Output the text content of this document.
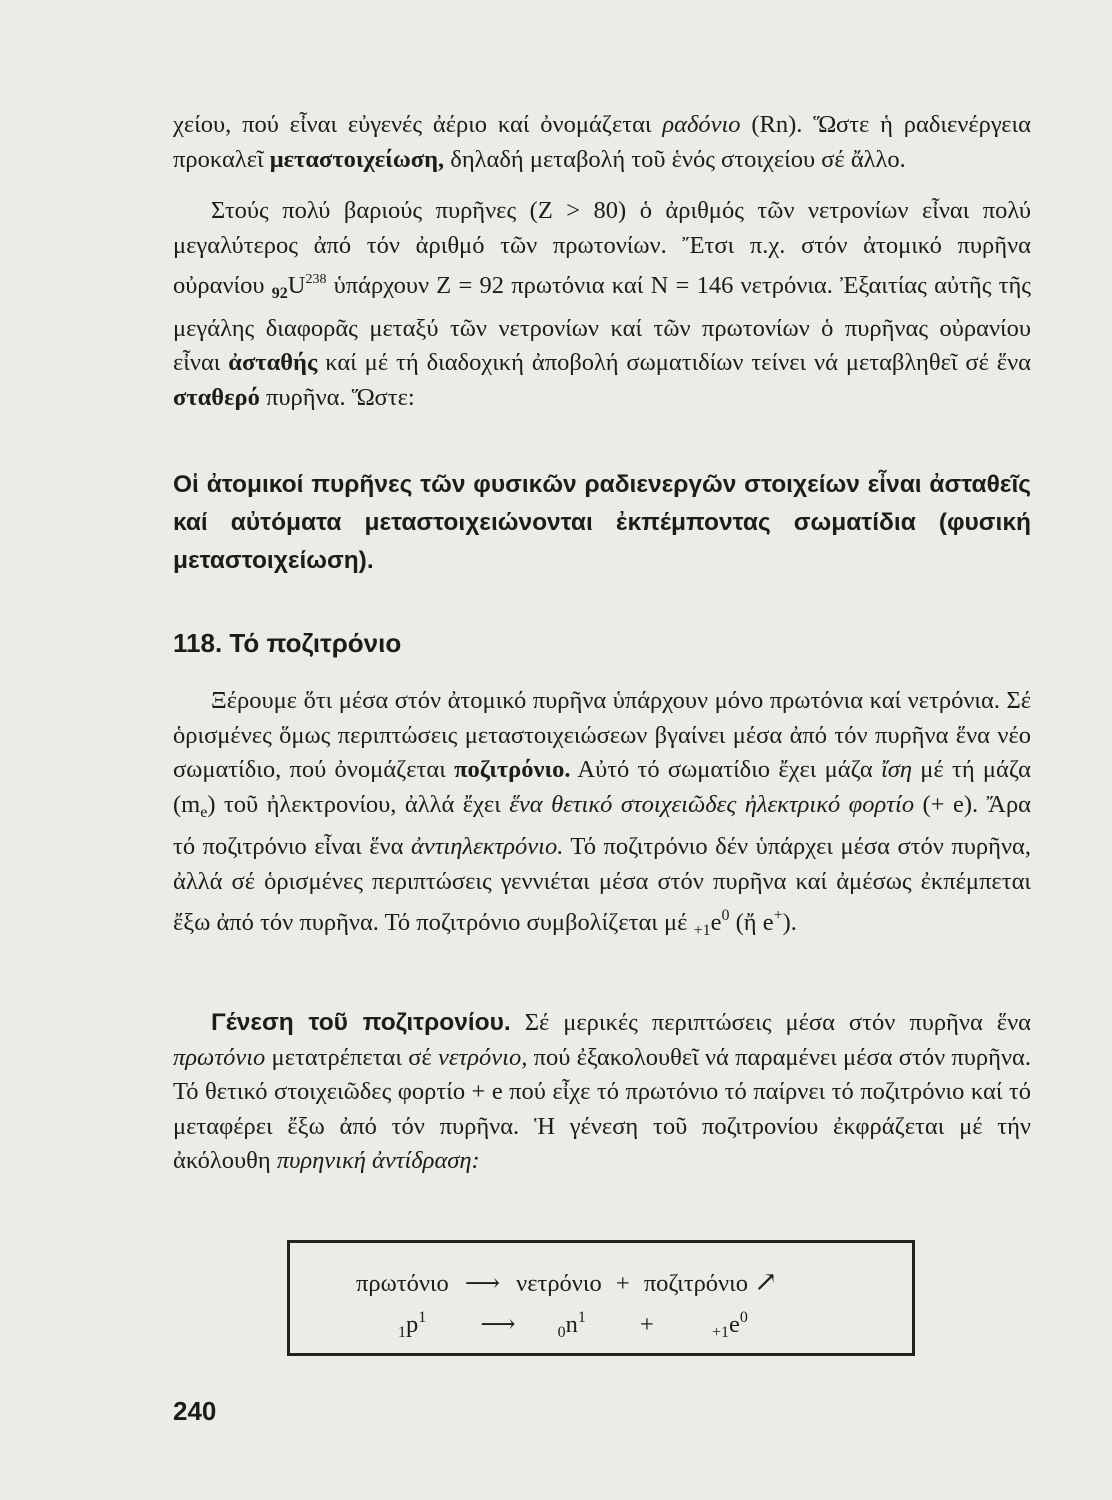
χείου, πού εἶναι εὐγενές ἀέριο καί ὀνομάζεται ραδόνιο (Rn). Ὥστε ἡ ραδιενέργεια προκαλεῖ μεταστοιχείωση, δηλαδή μεταβολή τοῦ ἑνός στοιχείου σέ ἄλλο.

Στούς πολύ βαριούς πυρῆνες (Z > 80) ὁ ἀριθμός τῶν νετρονίων εἶναι πολύ μεγαλύτερος ἀπό τόν ἀριθμό τῶν πρωτονίων. Ἔτσι π.χ. στόν ἀτομικό πυρῆνα οὐρανίου $_{92}U^{238}$ ὑπάρχουν Z = 92 πρωτόνια καί N = 146 νετρόνια. Ἐξαιτίας αὐτῆς τῆς μεγάλης διαφορᾶς μεταξύ τῶν νετρονίων καί τῶν πρωτονίων ὁ πυρῆνας οὐρανίου εἶναι ἀσταθής καί μέ τή διαδοχική ἀποβολή σωματιδίων τείνει νά μεταβληθεῖ σέ ἕνα σταθερό πυρῆνα. Ὥστε:

Οἱ ἀτομικοί πυρῆνες τῶν φυσικῶν ραδιενεργῶν στοιχείων εἶναι ἀσταθεῖς καί αὐτόματα μεταστοιχειώνονται ἐκπέμποντας σωματίδια (φυσική μεταστοιχείωση).
118. Τό ποζιτρόνιο

Ξέρουμε ὅτι μέσα στόν ἀτομικό πυρῆνα ὑπάρχουν μόνο πρωτόνια καί νετρόνια. Σέ ὁρισμένες ὅμως περιπτώσεις μεταστοιχειώσεων βγαίνει μέσα ἀπό τόν πυρῆνα ἕνα νέο σωματίδιο, πού ὀνομάζεται ποζιτρόνιο. Αὐτό τό σωματίδιο ἔχει μάζα ἴση μέ τή μάζα $(m_e)$ τοῦ ἠλεκτρονίου, ἀλλά ἔχει ἕνα θετικό στοιχειῶδες ἠλεκτρικό φορτίο (+ e). Ἄρα τό ποζιτρόνιο εἶναι ἕνα ἀντιηλεκτρόνιο. Τό ποζιτρόνιο δέν ὑπάρχει μέσα στόν πυρῆνα, ἀλλά σέ ὁρισμένες περιπτώσεις γεννιέται μέσα στόν πυρῆνα καί ἀμέσως ἐκπέμπεται ἔξω ἀπό τόν πυρῆνα. Τό ποζιτρόνιο συμβολίζεται μέ $_{+1}e^0$ (ἤ e+).

Γένεση τοῦ ποζιτρονίου. Σέ μερικές περιπτώσεις μέσα στόν πυρῆνα ἕνα πρωτόνιο μετατρέπεται σέ νετρόνιο, πού ἐξακολουθεῖ νά παραμένει μέσα στόν πυρῆνα. Τό θετικό στοιχειῶδες φορτίο + e πού εἶχε τό πρωτόνιο τό παίρνει τό ποζιτρόνιο καί τό μεταφέρει ἔξω ἀπό τόν πυρῆνα. Ἡ γένεση τοῦ ποζιτρονίου ἐκφράζεται μέ τήν ἀκόλουθη πυρηνική ἀντίδραση:

πρωτόνιο ⟶ νετρόνιο + ποζιτρόνιο ↗
$_1p^1$ ⟶	$_0n^1$ +	$_{+1}e^0$
240
